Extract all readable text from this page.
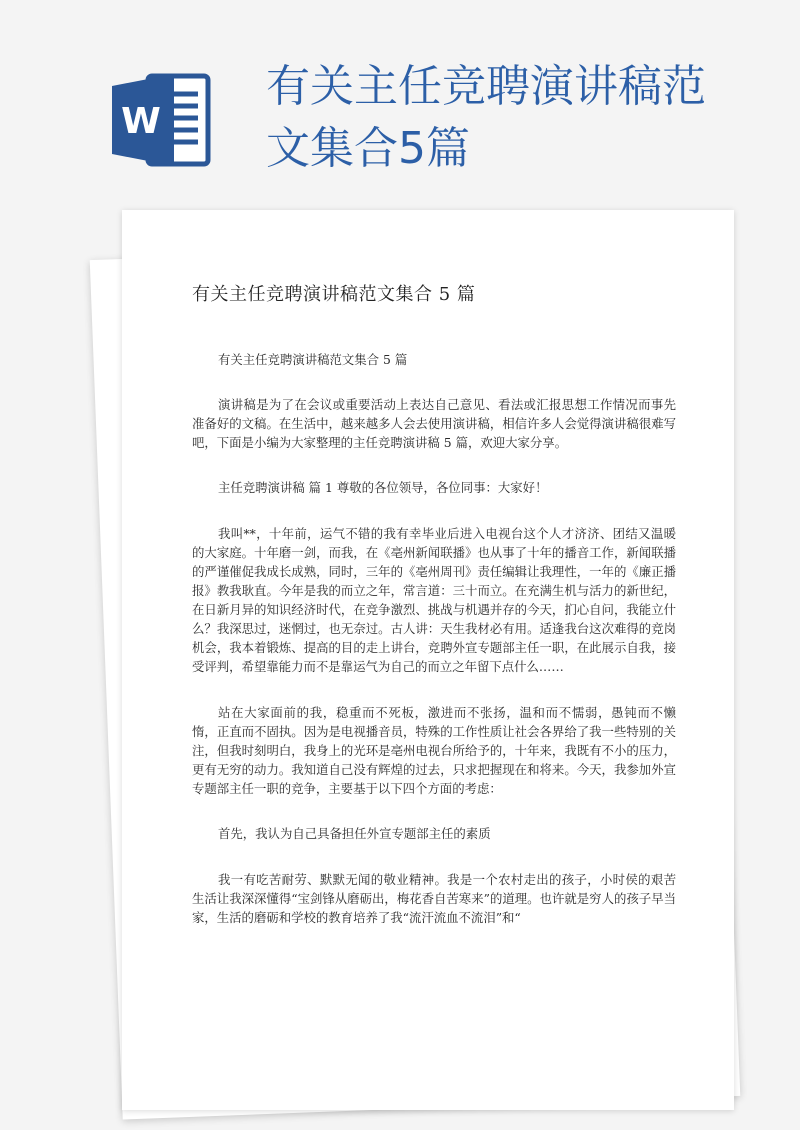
W
有关主任竞聘演讲稿范
文集合5篇
有关主任竞聘演讲稿范文集合 5 篇

有关主任竞聘演讲稿范文集合 5 篇

演讲稿是为了在会议或重要活动上表达自己意见、看法或汇报思想工作情况而事先准备好的文稿。在生活中，越来越多人会去使用演讲稿，相信许多人会觉得演讲稿很难写吧，下面是小编为大家整理的主任竞聘演讲稿 5 篇，欢迎大家分享。

主任竞聘演讲稿 篇 1 尊敬的各位领导，各位同事：大家好！

我叫**，十年前，运气不错的我有幸毕业后进入电视台这个人才济济、团结又温暖的大家庭。十年磨一剑，而我，在《亳州新闻联播》也从事了十年的播音工作，新闻联播的严谨催促我成长成熟，同时，三年的《亳州周刊》责任编辑让我理性，一年的《廉正播报》教我耿直。今年是我的而立之年，常言道：三十而立。在充满生机与活力的新世纪，在日新月异的知识经济时代，在竞争激烈、挑战与机遇并存的今天，扪心自问，我能立什么？我深思过，迷惘过，也无奈过。古人讲：天生我材必有用。适逢我台这次难得的竞岗机会，我本着锻炼、提高的目的走上讲台，竞聘外宣专题部主任一职，在此展示自我，接受评判，希望靠能力而不是靠运气为自己的而立之年留下点什么……

站在大家面前的我，稳重而不死板，激进而不张扬，温和而不懦弱，愚钝而不懒惰，正直而不固执。因为是电视播音员，特殊的工作性质让社会各界给了我一些特别的关注，但我时刻明白，我身上的光环是亳州电视台所给予的，十年来，我既有不小的压力，更有无穷的动力。我知道自己没有辉煌的过去，只求把握现在和将来。今天，我参加外宣专题部主任一职的竞争，主要基于以下四个方面的考虑：

首先，我认为自己具备担任外宣专题部主任的素质

我一有吃苦耐劳、默默无闻的敬业精神。我是一个农村走出的孩子，小时侯的艰苦生活让我深深懂得“宝剑锋从磨砺出，梅花香自苦寒来”的道理。也许就是穷人的孩子早当家，生活的磨砺和学校的教育培养了我“流汗流血不流泪”和“
